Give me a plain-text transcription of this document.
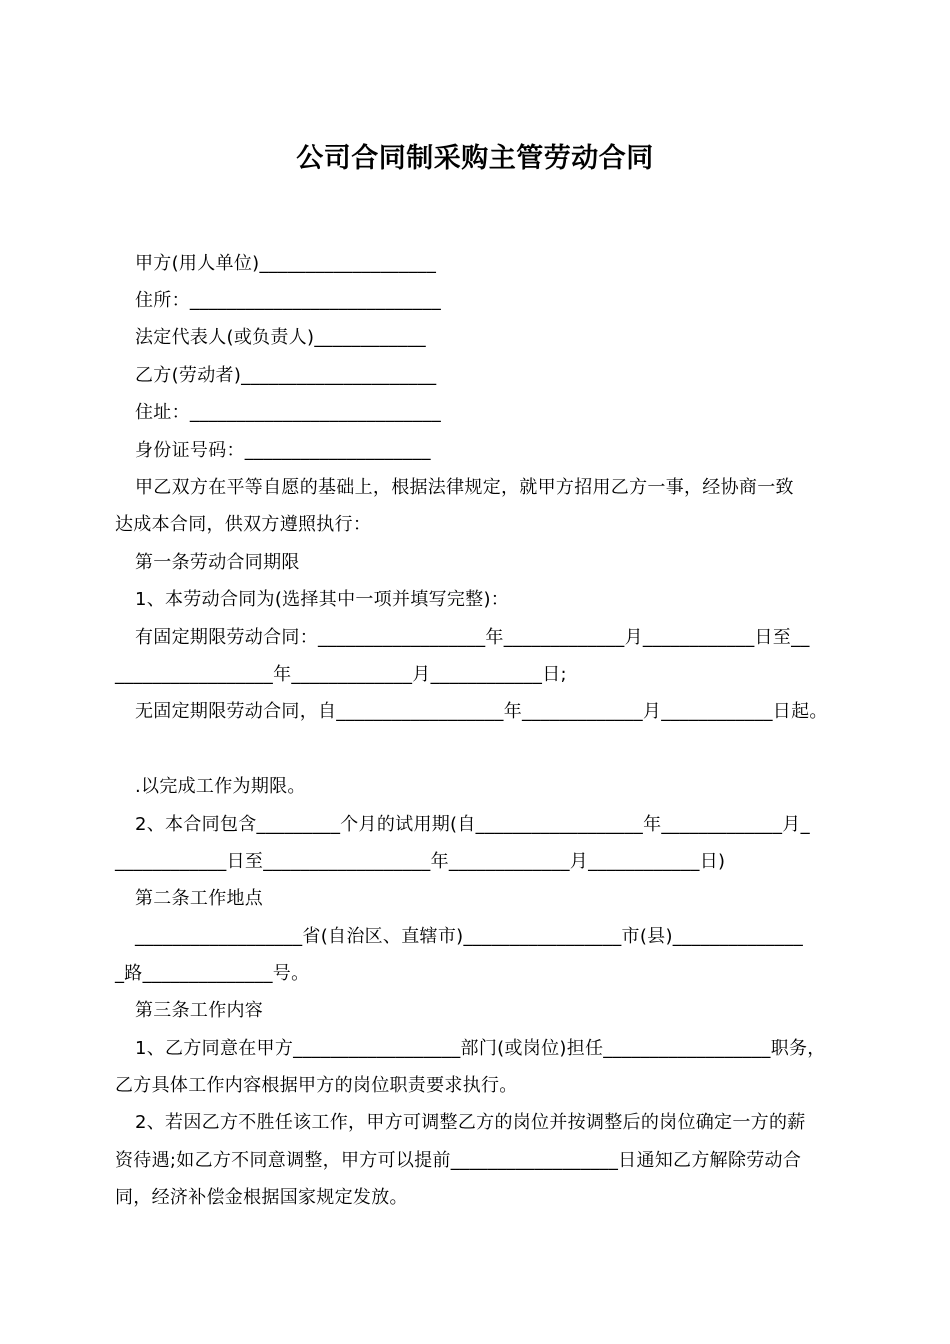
公司合同制采购主管劳动合同
甲方(用人单位)___________________
住所：___________________________
法定代表人(或负责人)____________
乙方(劳动者)_____________________
住址：___________________________
身份证号码：____________________
甲乙双方在平等自愿的基础上，根据法律规定，就甲方招用乙方一事，经协商一致
达成本合同，供双方遵照执行：
第一条劳动合同期限
1、本劳动合同为(选择其中一项并填写完整)：
有固定期限劳动合同：__________________年_____________月____________日至__
_________________年_____________月____________日;
无固定期限劳动合同，自__________________年_____________月____________日起。
.以完成工作为期限。
2、本合同包含_________个月的试用期(自__________________年_____________月_
____________日至__________________年_____________月____________日)
第二条工作地点
__________________省(自治区、直辖市)_________________市(县)______________
_路______________号。
第三条工作内容
1、乙方同意在甲方__________________部门(或岗位)担任__________________职务，
乙方具体工作内容根据甲方的岗位职责要求执行。
2、若因乙方不胜任该工作，甲方可调整乙方的岗位并按调整后的岗位确定一方的薪
资待遇;如乙方不同意调整，甲方可以提前__________________日通知乙方解除劳动合
同，经济补偿金根据国家规定发放。
